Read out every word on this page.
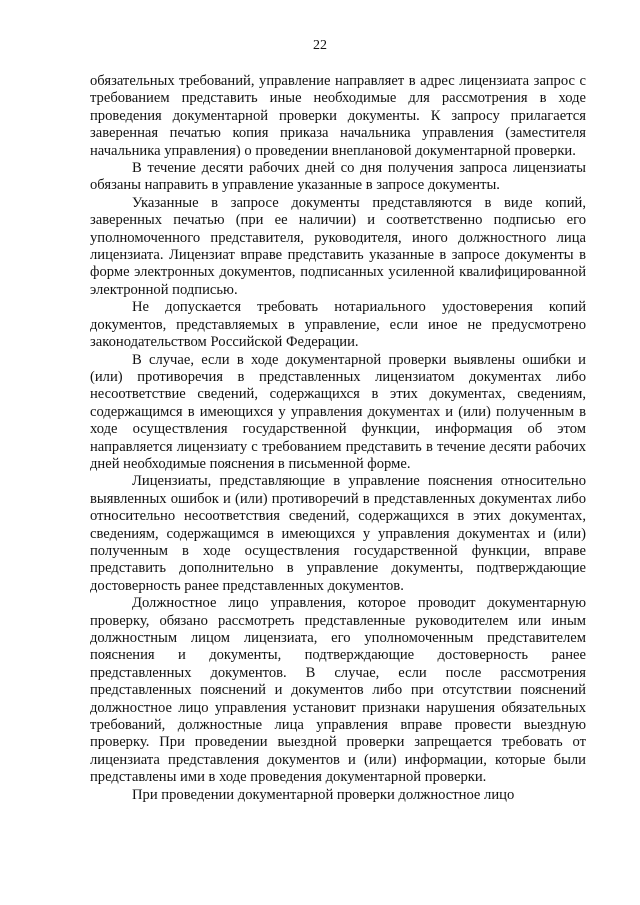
22

обязательных требований, управление направляет в адрес лицензиата запрос с требованием представить иные необходимые для рассмотрения в ходе проведения документарной проверки документы. К запросу прилагается заверенная печатью копия приказа начальника управления (заместителя начальника управления) о проведении внеплановой документарной проверки.

В течение десяти рабочих дней со дня получения запроса лицензиаты обязаны направить в управление указанные в запросе документы.

Указанные в запросе документы представляются в виде копий, заверенных печатью (при ее наличии) и соответственно подписью его уполномоченного представителя, руководителя, иного должностного лица лицензиата. Лицензиат вправе представить указанные в запросе документы в форме электронных документов, подписанных усиленной квалифицированной электронной подписью.

Не допускается требовать нотариального удостоверения копий документов, представляемых в управление, если иное не предусмотрено законодательством Российской Федерации.

В случае, если в ходе документарной проверки выявлены ошибки и (или) противоречия в представленных лицензиатом документах либо несоответствие сведений, содержащихся в этих документах, сведениям, содержащимся в имеющихся у управления документах и (или) полученным в ходе осуществления государственной функции, информация об этом направляется лицензиату с требованием представить в течение десяти рабочих дней необходимые пояснения в письменной форме.

Лицензиаты, представляющие в управление пояснения относительно выявленных ошибок и (или) противоречий в представленных документах либо относительно несоответствия сведений, содержащихся в этих документах, сведениям, содержащимся в имеющихся у управления документах и (или) полученным в ходе осуществления государственной функции, вправе представить дополнительно в управление документы, подтверждающие достоверность ранее представленных документов.

Должностное лицо управления, которое проводит документарную проверку, обязано рассмотреть представленные руководителем или иным должностным лицом лицензиата, его уполномоченным представителем пояснения и документы, подтверждающие достоверность ранее представленных документов. В случае, если после рассмотрения представленных пояснений и документов либо при отсутствии пояснений должностное лицо управления установит признаки нарушения обязательных требований, должностные лица управления вправе провести выездную проверку. При проведении выездной проверки запрещается требовать от лицензиата представления документов и (или) информации, которые были представлены ими в ходе проведения документарной проверки.

При проведении документарной проверки должностное лицо
